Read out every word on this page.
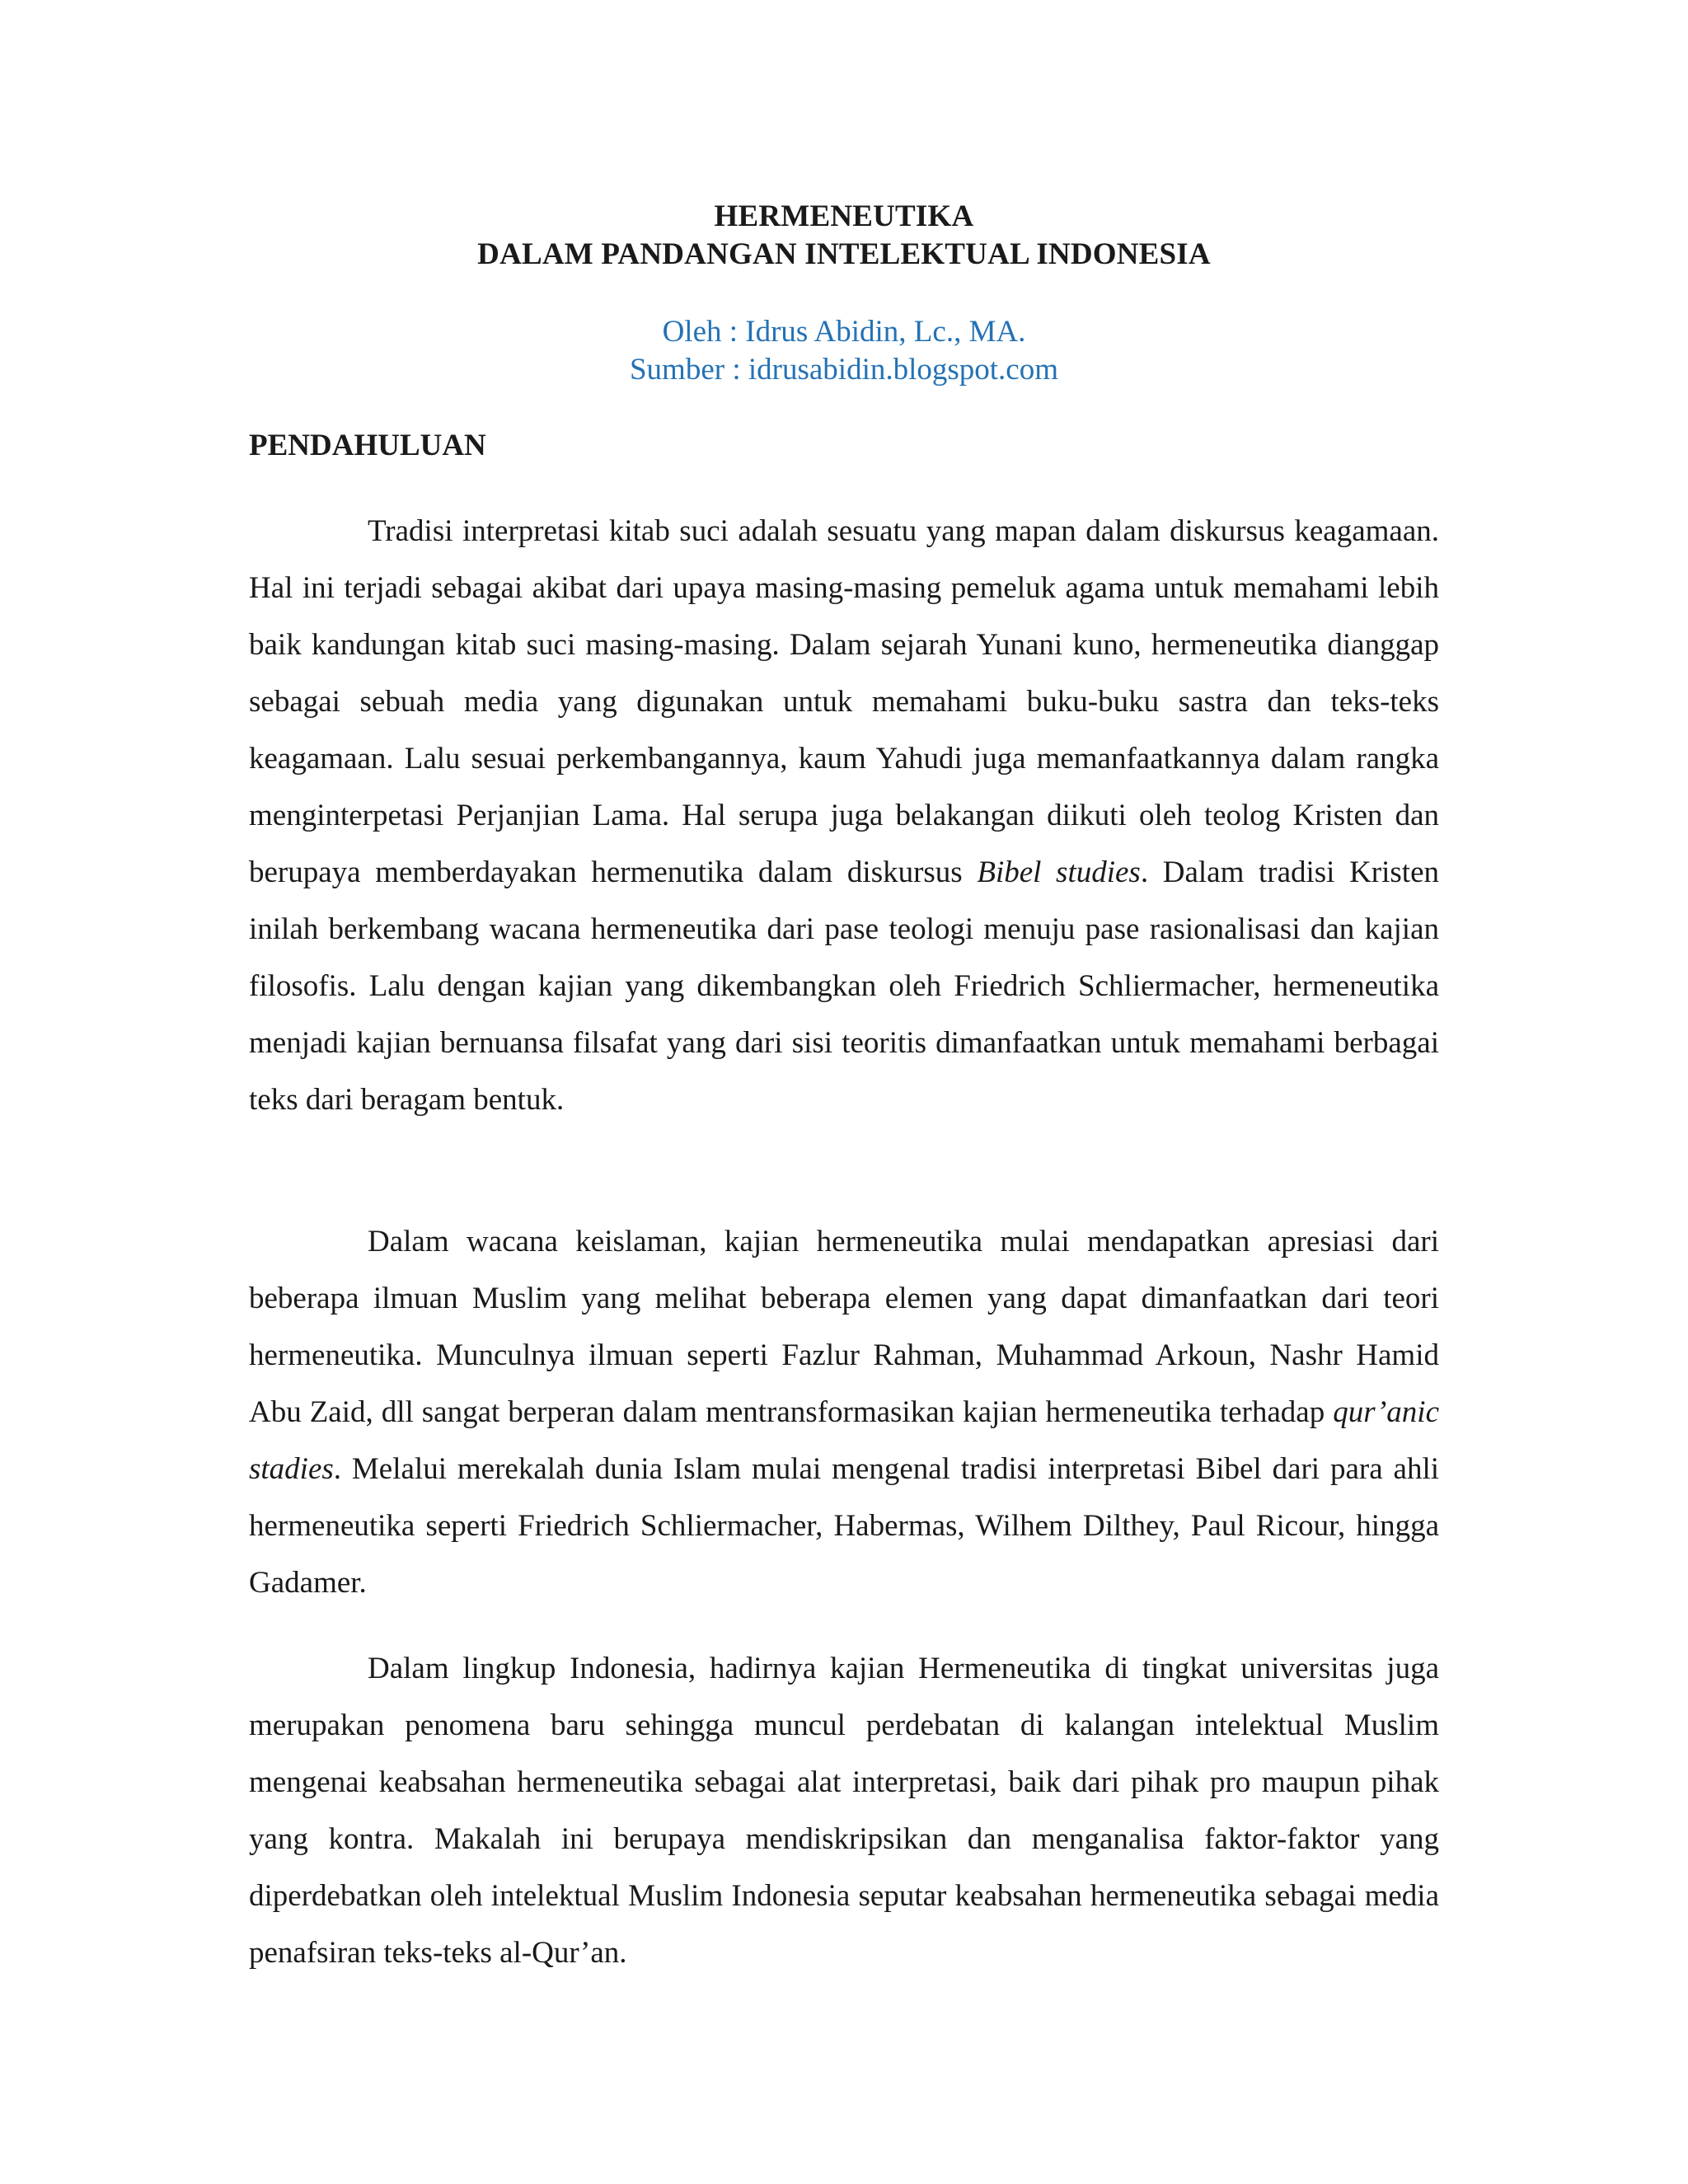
HERMENEUTIKA
DALAM PANDANGAN INTELEKTUAL INDONESIA
Oleh : Idrus Abidin, Lc., MA.
Sumber : idrusabidin.blogspot.com
PENDAHULUAN

Tradisi interpretasi kitab suci adalah sesuatu yang mapan dalam diskursus keagamaan. Hal ini terjadi sebagai akibat dari upaya masing-masing pemeluk agama untuk memahami lebih baik kandungan kitab suci masing-masing. Dalam sejarah Yunani kuno, hermeneutika dianggap sebagai sebuah media yang digunakan untuk memahami buku-buku sastra dan teks-teks keagamaan. Lalu sesuai perkembangannya, kaum Yahudi juga memanfaatkannya dalam rangka menginterpetasi Perjanjian Lama. Hal serupa juga belakangan diikuti oleh teolog Kristen dan berupaya memberdayakan hermenutika dalam diskursus Bibel studies. Dalam tradisi Kristen inilah berkembang wacana hermeneutika dari pase teologi menuju pase rasionalisasi dan kajian filosofis. Lalu dengan kajian yang dikembangkan oleh Friedrich Schliermacher, hermeneutika menjadi kajian bernuansa filsafat yang dari sisi teoritis dimanfaatkan untuk memahami berbagai teks dari beragam bentuk.

Dalam wacana keislaman, kajian hermeneutika mulai mendapatkan apresiasi dari beberapa ilmuan Muslim yang melihat beberapa elemen yang dapat dimanfaatkan dari teori hermeneutika. Munculnya ilmuan seperti Fazlur Rahman, Muhammad Arkoun, Nashr Hamid Abu Zaid, dll sangat berperan dalam mentransformasikan kajian hermeneutika terhadap qur’anic stadies. Melalui merekalah dunia Islam mulai mengenal tradisi interpretasi Bibel dari para ahli hermeneutika seperti Friedrich Schliermacher, Habermas, Wilhem Dilthey, Paul Ricour, hingga Gadamer.

Dalam lingkup Indonesia, hadirnya kajian Hermeneutika di tingkat universitas juga merupakan penomena baru sehingga muncul perdebatan di kalangan intelektual Muslim mengenai keabsahan hermeneutika sebagai alat interpretasi, baik dari pihak pro maupun pihak yang kontra. Makalah ini berupaya mendiskripsikan dan menganalisa faktor-faktor yang diperdebatkan oleh intelektual Muslim Indonesia seputar keabsahan hermeneutika sebagai media penafsiran teks-teks al-Qur’an.
